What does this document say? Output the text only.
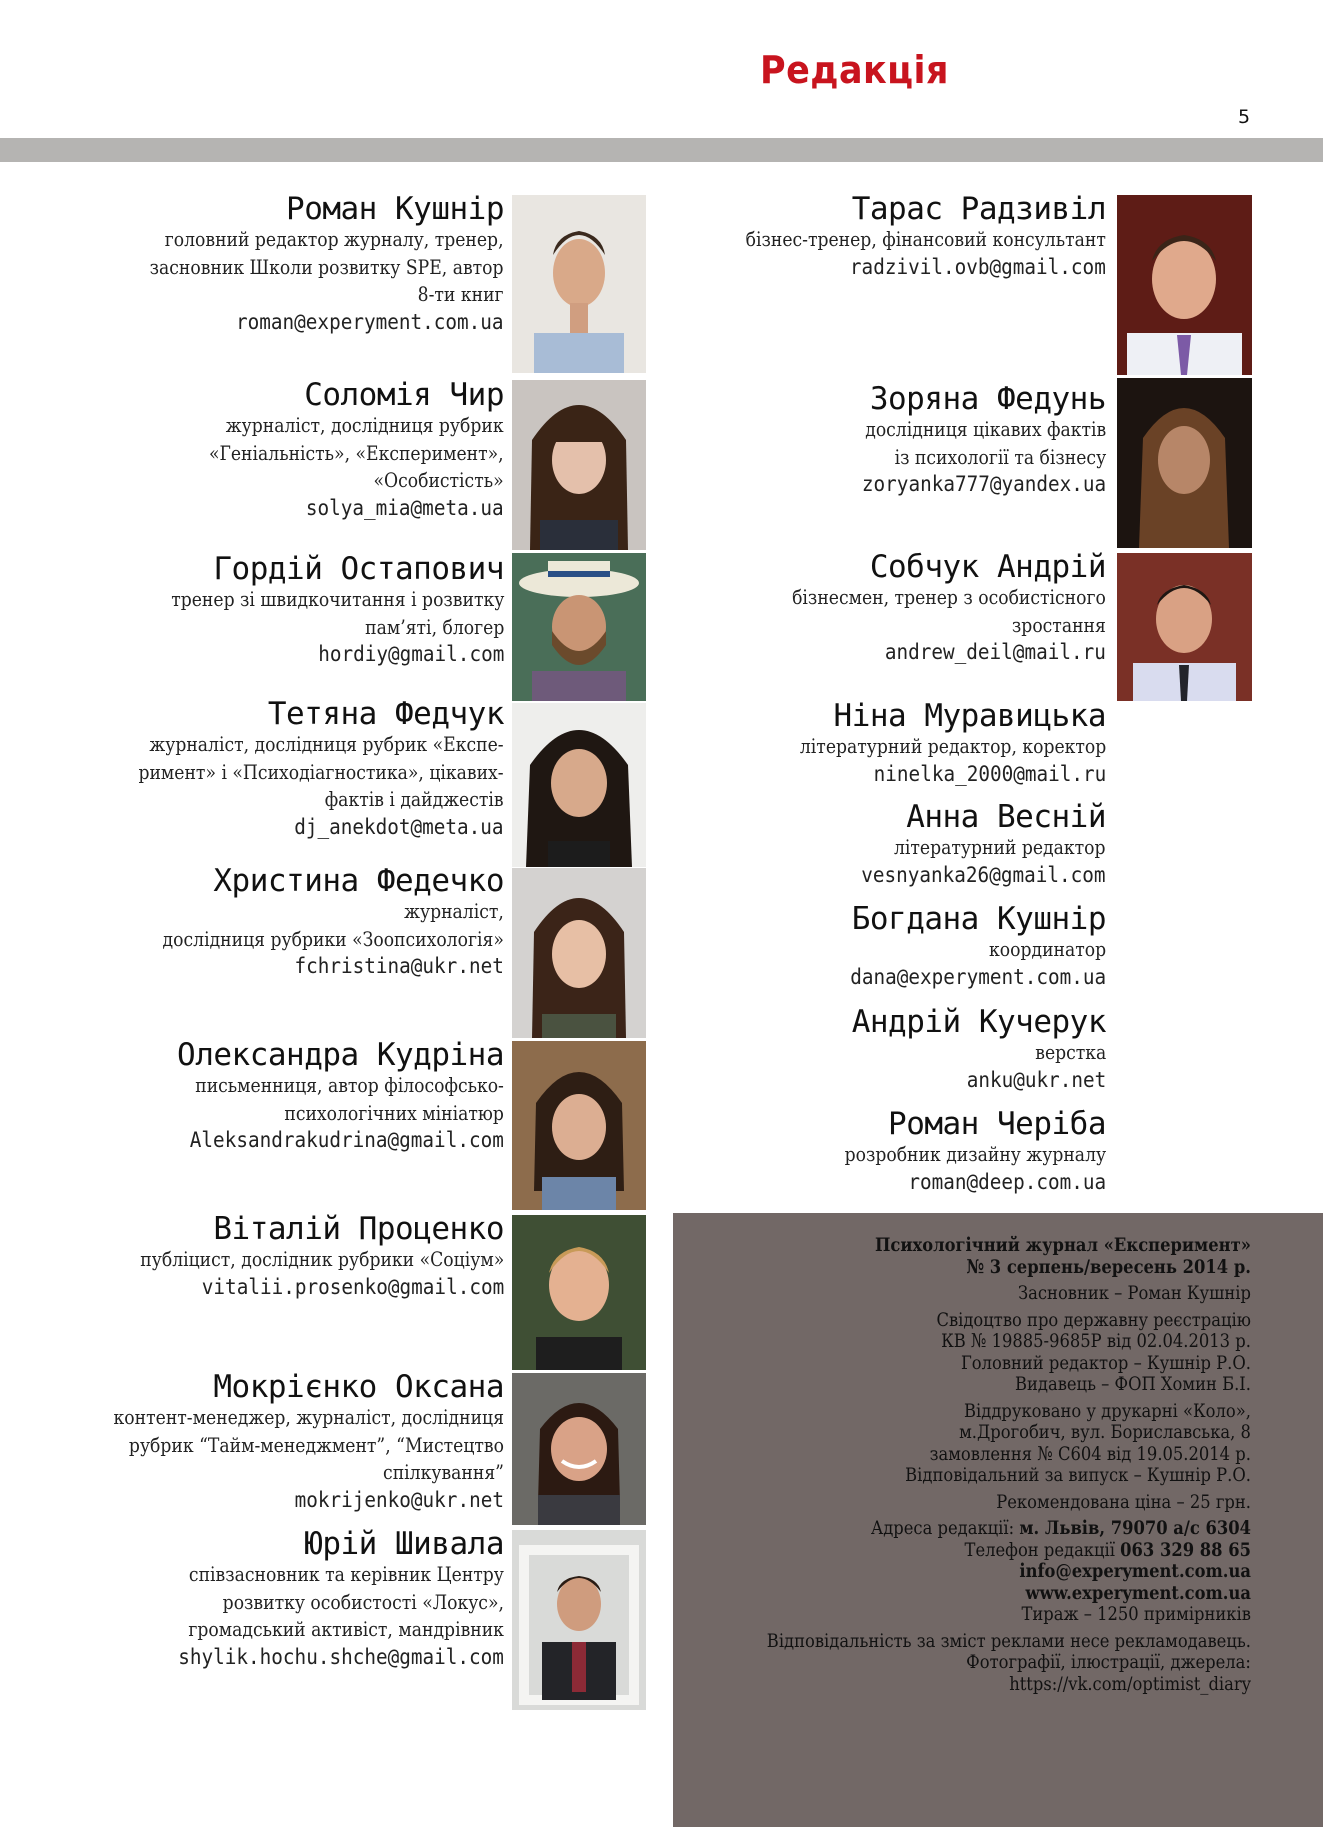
Редакція
5
Роман Кушнір
головний редактор журналу, тренер,
засновник Школи розвитку SPE, автор
8-ти книг
roman@experyment.com.ua
Соломія Чир
журналіст, дослідниця рубрик
«Геніальність», «Експеримент»,
«Особистість»
solya_mia@meta.ua
Гордій Остапович
тренер зі швидкочитання і розвитку
пам’яті, блогер
hordiy@gmail.com
Тетяна Федчук
журналіст, дослідниця рубрик «Експе-
римент» і «Психодіагностика», цікавих-
фактів і дайджестів
dj_anekdot@meta.ua
Христина Федечко
журналіст,
дослідниця рубрики «Зоопсихологія»
fchristina@ukr.net
Олександра Кудріна
письменниця, автор філософсько-
психологічних мініатюр
Aleksandrakudrina@gmail.com
Віталій Проценко
публіцист, дослідник рубрики «Соціум»
vitalii.prosenko@gmail.com
Мокрієнко Оксана
контент-менеджер, журналіст, дослідниця
рубрик “Тайм-менеджмент”, “Мистецтво
спілкування”
mokrijenko@ukr.net
Юрій Шивала
співзасновник та керівник Центру
розвитку особистості «Локус»,
громадський активіст, мандрівник
shylik.hochu.shche@gmail.com
Тарас Радзивіл
бізнес-тренер, фінансовий консультант
radzivil.ovb@gmail.com
Зоряна Федунь
дослідниця цікавих фактів
із психології та бізнесу
zoryanka777@yandex.ua
Собчук Андрій
бізнесмен, тренер з особистісного
зростання
andrew_deil@mail.ru
Ніна Муравицька
літературний редактор, коректор
ninelka_2000@mail.ru
Анна Весній
літературний редактор
vesnyanka26@gmail.com
Богдана Кушнір
координатор
dana@experyment.com.ua
Андрій Кучерук
верстка
anku@ukr.net
Роман Черіба
розробник дизайну журналу
roman@deep.com.ua
Психологічний журнал «Експеримент»
№ 3 серпень/вересень 2014 р.
Засновник – Роман Кушнір
Свідоцтво про державну реєстрацію
КВ № 19885-9685Р від 02.04.2013 р.
Головний редактор – Кушнір Р.О.
Видавець – ФОП Хомин Б.І.
Віддруковано у друкарні «Коло»,
м.Дрогобич, вул. Бориславська, 8
замовлення № С604 від 19.05.2014 р.
Відповідальний за випуск – Кушнір Р.О.
Рекомендована ціна – 25 грн.
Адреса редакції: м. Львів, 79070 а/с 6304
Телефон редакції 063 329 88 65
info@experyment.com.ua
www.experyment.com.ua
Тираж – 1250 примірників
Відповідальність за зміст реклами несе рекламодавець.
Фотографії, ілюстрації, джерела:
https://vk.com/optimist_diary
